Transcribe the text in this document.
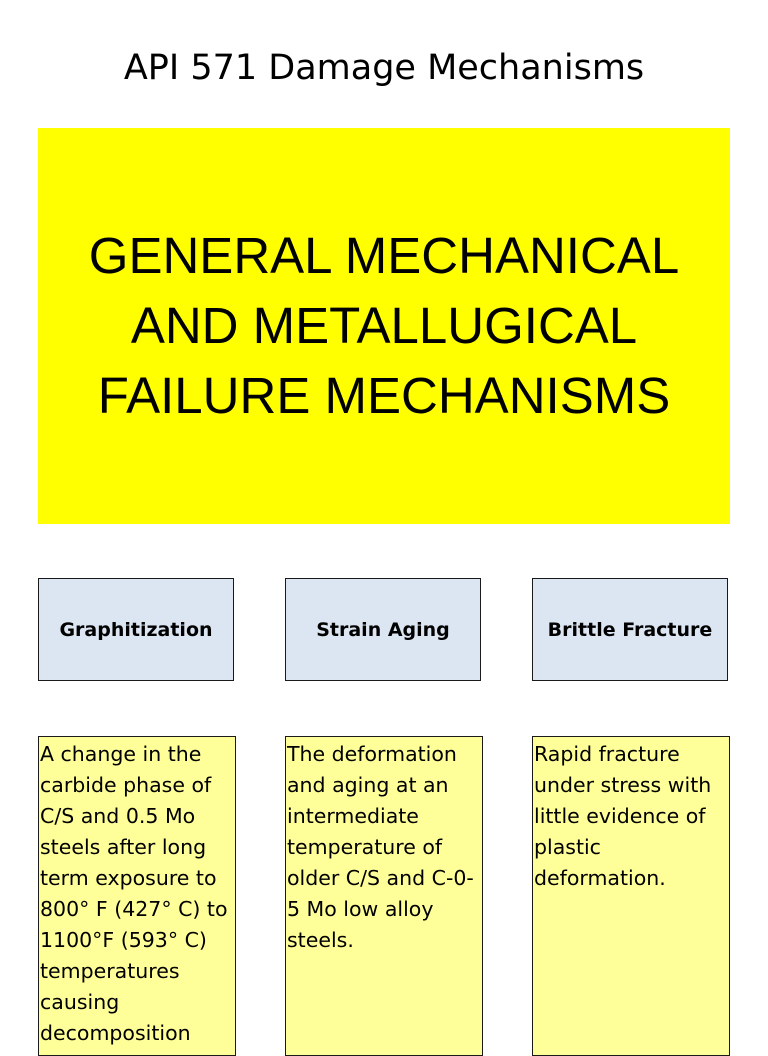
API 571 Damage Mechanisms
GENERAL MECHANICAL
AND METALLUGICAL
FAILURE MECHANISMS
Graphitization
A change in the
carbide phase of
C/S and 0.5 Mo
steels after long
term exposure to
800° F (427° C) to
1100°F (593° C)
temperatures
causing
decomposition
Strain Aging
The deformation
and aging at an
intermediate
temperature of
older C/S and C-0-
5 Mo low alloy
steels.
Brittle Fracture
Rapid fracture
under stress with
little evidence of
plastic
deformation.
